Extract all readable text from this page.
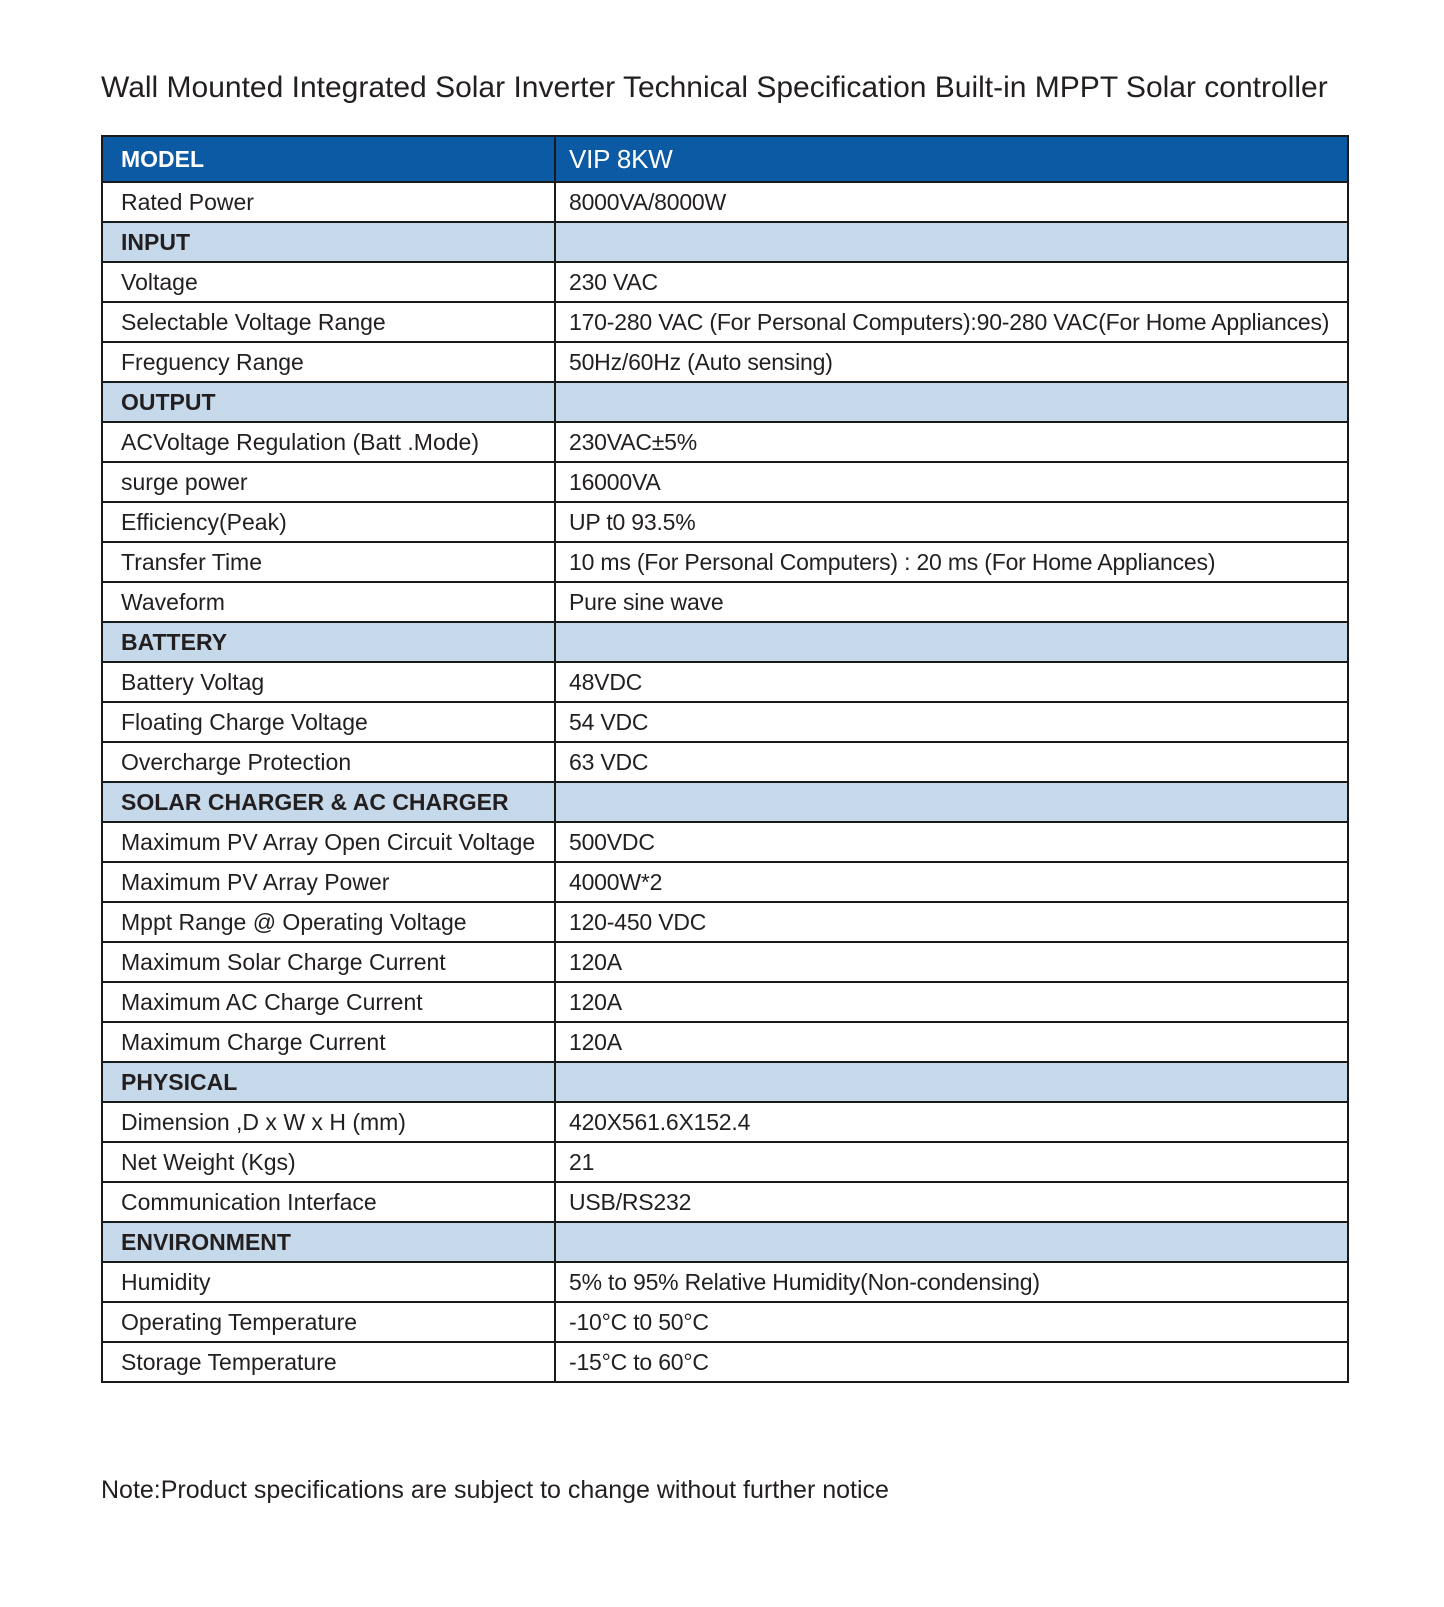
Wall Mounted Integrated Solar Inverter Technical Specification Built-in MPPT Solar controller
MODEL	VIP 8KW
Rated Power	8000VA/8000W
INPUT	
Voltage	230 VAC
Selectable Voltage Range	170-280 VAC (For Personal Computers):90-280 VAC(For Home Appliances)
Freguency Range	50Hz/60Hz (Auto sensing)
OUTPUT	
ACVoltage Regulation (Batt .Mode)	230VAC±5%
surge power	16000VA
Efficiency(Peak)	UP t0 93.5%
Transfer Time	10 ms (For Personal Computers) : 20 ms (For Home Appliances)
Waveform	Pure sine wave
BATTERY	
Battery Voltag	48VDC
Floating Charge Voltage	54 VDC
Overcharge Protection	63 VDC
SOLAR CHARGER & AC CHARGER	
Maximum PV Array Open Circuit Voltage	500VDC
Maximum PV Array Power	4000W*2
Mppt Range @ Operating Voltage	120-450 VDC
Maximum Solar Charge Current	120A
Maximum AC Charge Current	120A
Maximum Charge Current	120A
PHYSICAL	
Dimension ,D x W x H (mm)	420X561.6X152.4
Net Weight (Kgs)	21
Communication Interface	USB/RS232
ENVIRONMENT	
Humidity	5% to 95% Relative Humidity(Non-condensing)
Operating Temperature	-10°C t0 50°C
Storage Temperature	-15°C to 60°C
Note:Product specifications are subject to change without further notice
